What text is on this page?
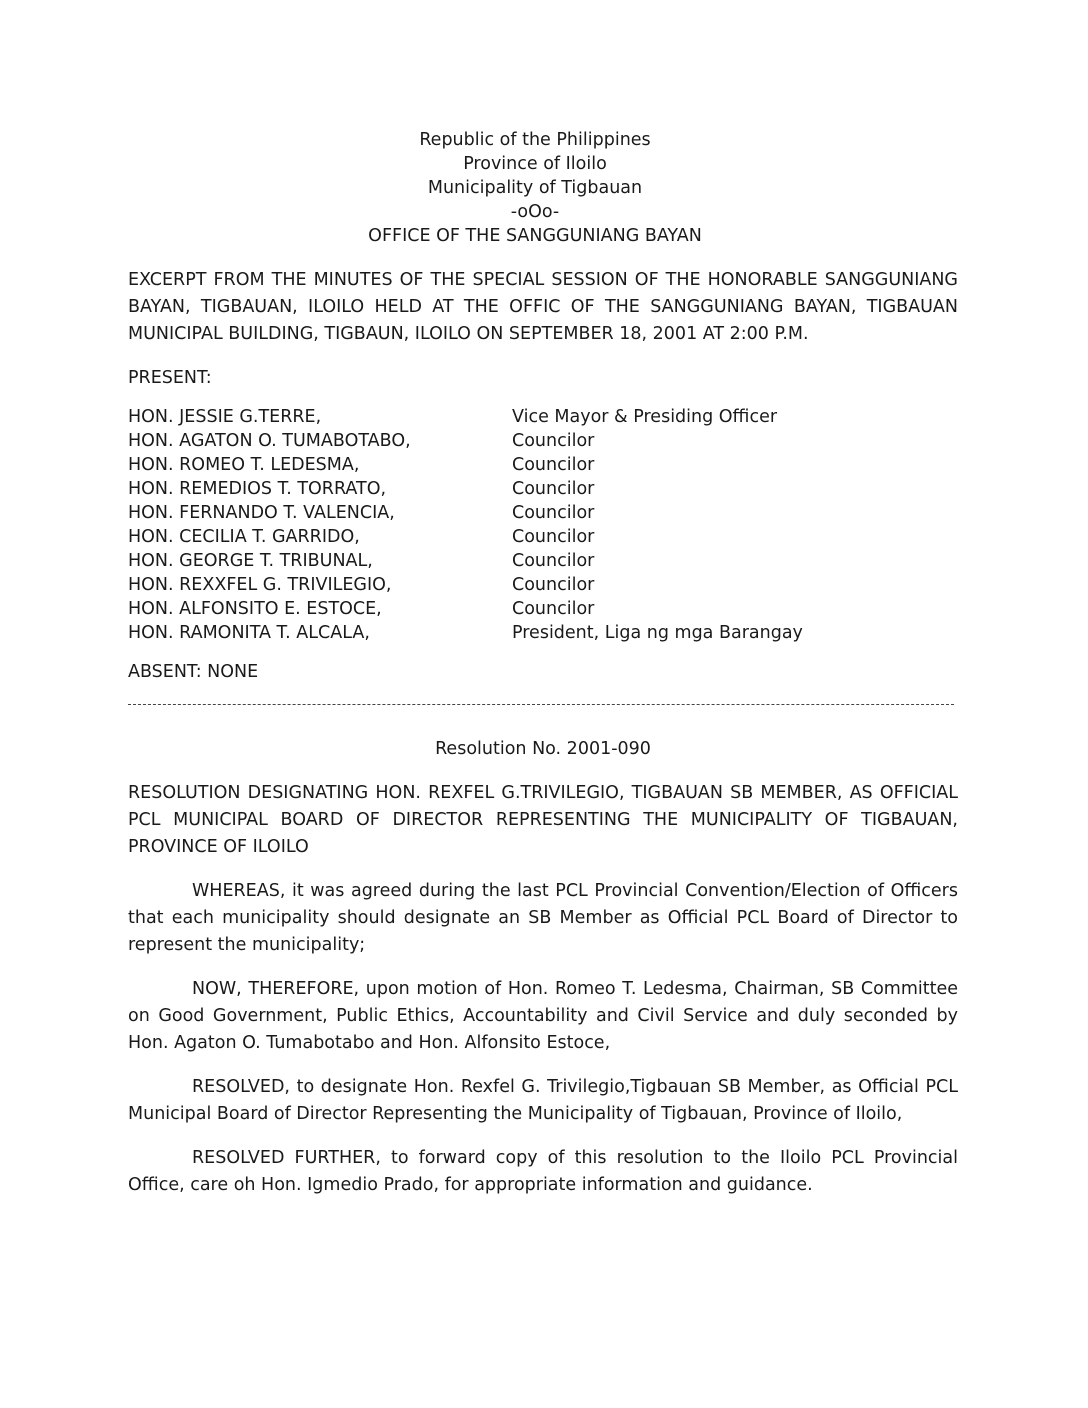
Republic of the Philippines
Province of Iloilo
Municipality of Tigbauan
-oOo-
OFFICE OF THE SANGGUNIANG BAYAN
EXCERPT FROM THE MINUTES OF THE SPECIAL SESSION OF THE HONORABLE SANGGUNIANG BAYAN, TIGBAUAN, ILOILO HELD AT THE OFFIC OF THE SANGGUNIANG BAYAN, TIGBAUAN MUNICIPAL BUILDING, TIGBAUN, ILOILO ON SEPTEMBER 18, 2001 AT 2:00 P.M.
PRESENT:
HON. JESSIE G.TERRE,	Vice Mayor & Presiding Officer
HON. AGATON O. TUMABOTABO,	Councilor
HON. ROMEO T. LEDESMA,	Councilor
HON. REMEDIOS T. TORRATO,	Councilor
HON. FERNANDO T. VALENCIA,	Councilor
HON. CECILIA T. GARRIDO,	Councilor
HON. GEORGE T. TRIBUNAL,	Councilor
HON. REXXFEL G. TRIVILEGIO,	Councilor
HON. ALFONSITO E. ESTOCE,	Councilor
HON. RAMONITA T. ALCALA,	President, Liga ng mga Barangay
ABSENT: NONE
Resolution No. 2001-090
RESOLUTION DESIGNATING HON. REXFEL G.TRIVILEGIO, TIGBAUAN SB MEMBER, AS OFFICIAL PCL MUNICIPAL BOARD OF DIRECTOR REPRESENTING THE MUNICIPALITY OF TIGBAUAN, PROVINCE OF ILOILO
WHEREAS, it was agreed during the last PCL Provincial Convention/Election of Officers that each municipality should designate an SB Member as Official PCL Board of Director to represent the municipality;
NOW, THEREFORE, upon motion of Hon. Romeo T. Ledesma, Chairman, SB Committee on Good Government, Public Ethics, Accountability and Civil Service and duly seconded by Hon. Agaton O. Tumabotabo and Hon. Alfonsito Estoce,
RESOLVED, to designate Hon. Rexfel G. Trivilegio,Tigbauan SB Member, as Official PCL Municipal Board of Director Representing the Municipality of Tigbauan, Province of Iloilo,
RESOLVED FURTHER, to forward copy of this resolution to the Iloilo PCL Provincial Office, care oh Hon. Igmedio Prado, for appropriate information and guidance.
